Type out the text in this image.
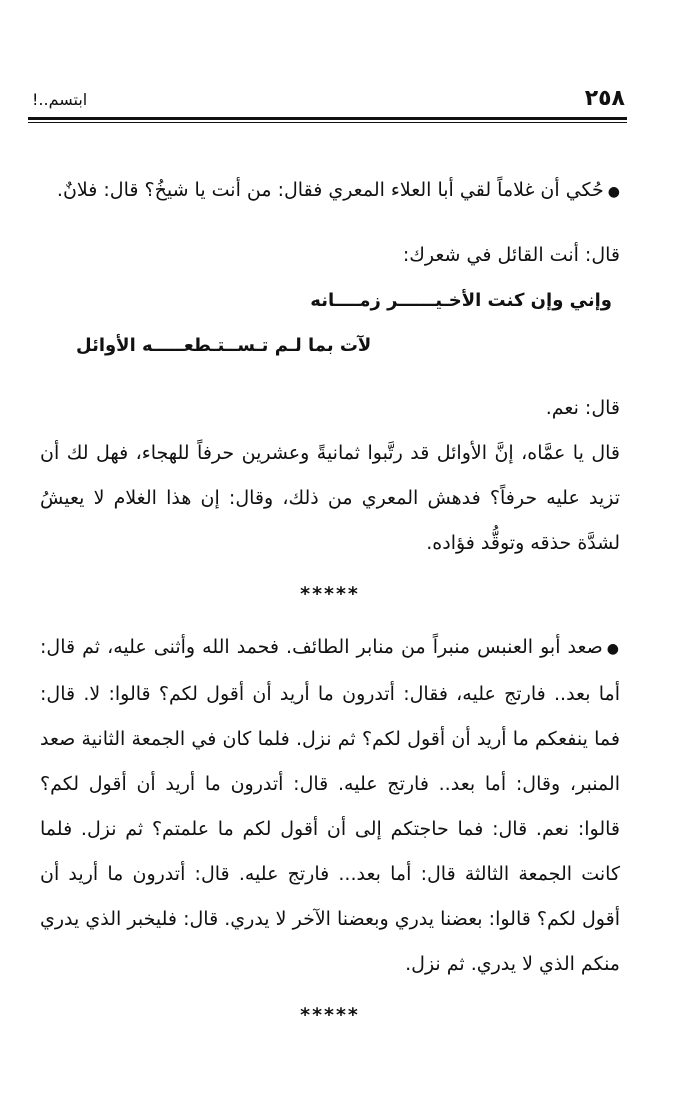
٢٥٨
ابتسم..!

●حُكي أن غلاماً لقي أبا العلاء المعري فقال: من أنت يا شيخُ؟ قال: فلانٌ.

قال: أنت القائل في شعرك:

وإني وإن كنت الأخـيــــــر زمــــانه

لآت بما لـم تـســتـطعـــــه الأوائل

قال: نعم.

قال يا عمَّاه، إنَّ الأوائل قد رتَّبوا ثمانيةً وعشرين حرفاً للهجاء، فهل لك أن تزيد عليه حرفاً؟ فدهش المعري من ذلك، وقال: إن هذا الغلام لا يعيشُ لشدَّة حذقه وتوقُّد فؤاده.

*****

●صعد أبو العنبس منبراً من منابر الطائف. فحمد الله وأثنى عليه، ثم قال: أما بعد.. فارتج عليه، فقال: أتدرون ما أريد أن أقول لكم؟ قالوا: لا. قال: فما ينفعكم ما أريد أن أقول لكم؟ ثم نزل. فلما كان في الجمعة الثانية صعد المنبر، وقال: أما بعد.. فارتج عليه. قال: أتدرون ما أريد أن أقول لكم؟ قالوا: نعم. قال: فما حاجتكم إلى أن أقول لكم ما علمتم؟ ثم نزل. فلما كانت الجمعة الثالثة قال: أما بعد... فارتج عليه. قال: أتدرون ما أريد أن أقول لكم؟ قالوا: بعضنا يدري وبعضنا الآخر لا يدري. قال: فليخبر الذي يدري منكم الذي لا يدري. ثم نزل.

*****
